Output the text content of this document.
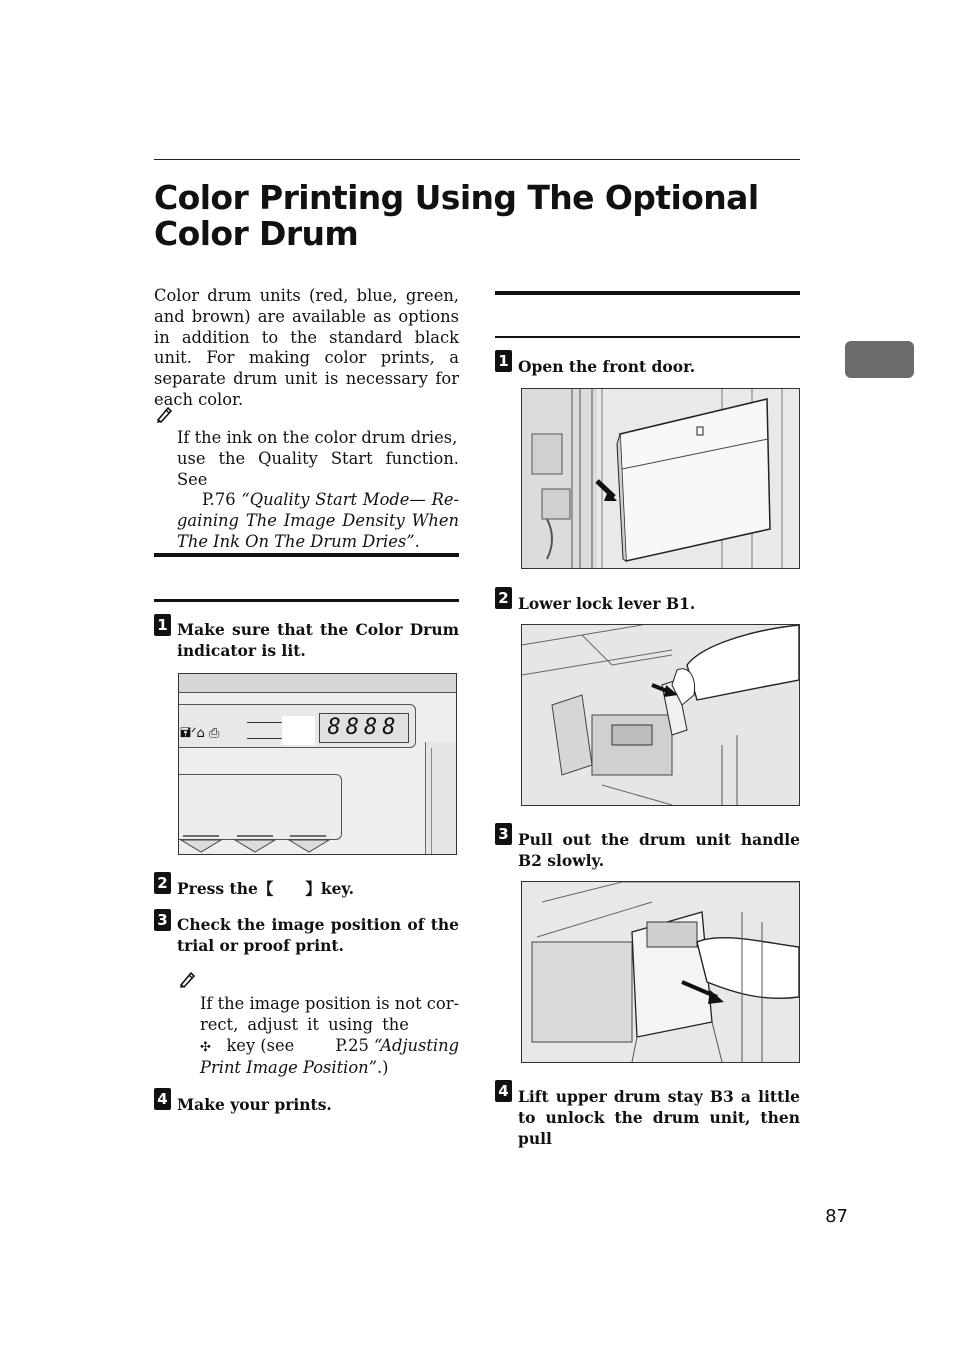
Color Printing Using The Optional Color Drum
Color drum units (red, blue, green, and brown) are available as options in addition to the standard black unit. For making color prints, a separate drum unit is necessary for each color.
If the ink on the color drum dries,
use the Quality Start function. See
P.76 “Quality Start Mode— Re-gaining The Image Density When The Ink On The Drum Dries”.
1 Make sure that the Color Drum indicator is lit.
🖬ᐟ⌂ ⎙	8888
2 Press the【 】key.
3 Check the image position of the trial or proof print.
If the image position is not cor-
rect, adjust it using the
✣ key (see	P.25 “Adjusting
Print Image Position”.)
4 Make your prints.
1 Open the front door.
2 Lower lock lever B1.
3 Pull out the drum unit handle B2 slowly.
4 Lift upper drum stay B3 a little to unlock the drum unit, then pull
87
